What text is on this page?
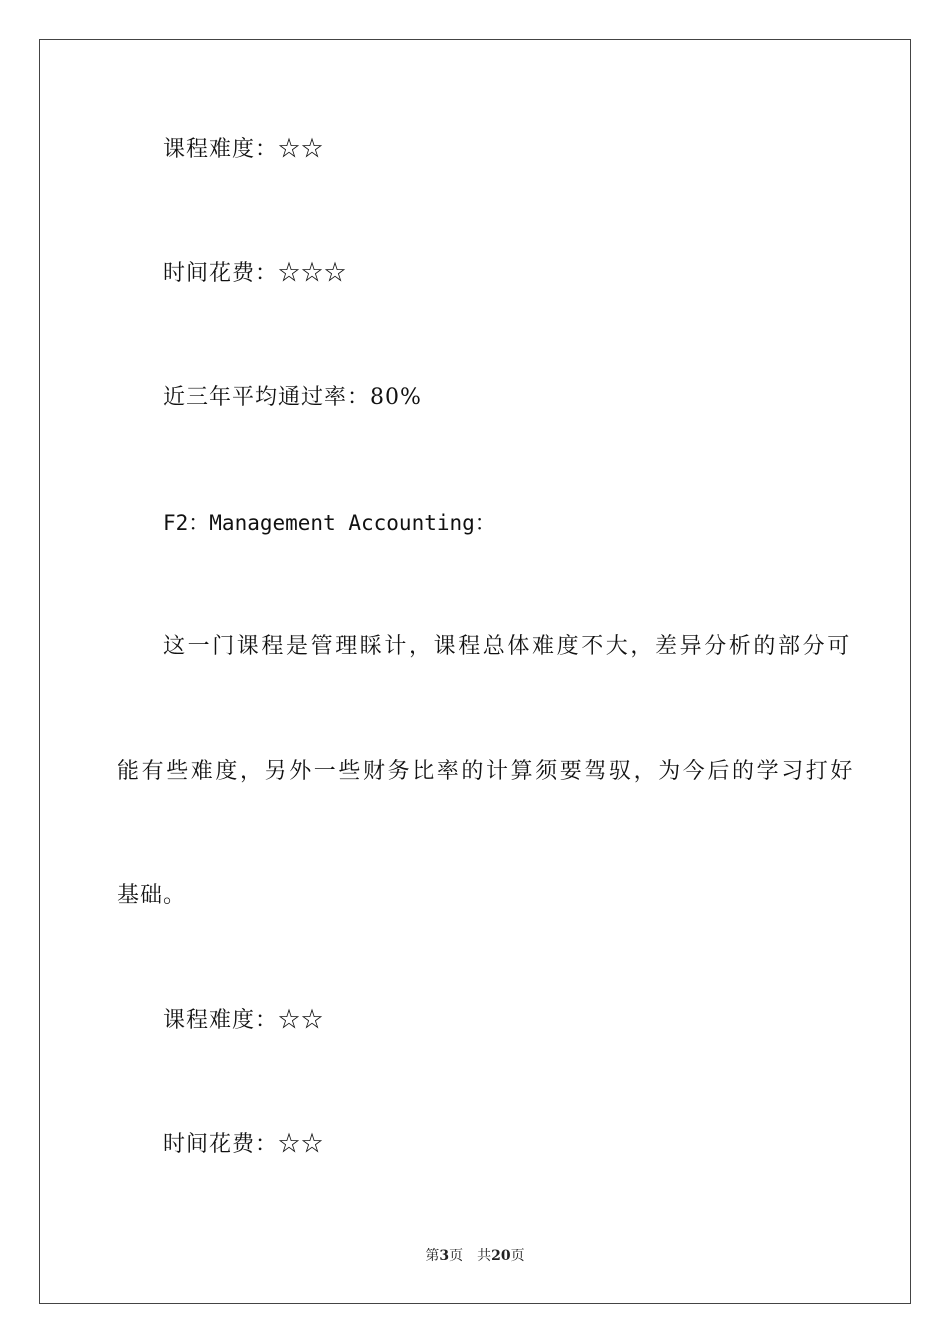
课程难度：☆☆
时间花费：☆☆☆
近三年平均通过率：80%
F2：Management Accounting：
这一门课程是管理睬计，课程总体难度不大，差异分析的部分可
能有些难度，另外一些财务比率的计算须要驾驭，为今后的学习打好
基础。
课程难度：☆☆
时间花费：☆☆
第3页 共20页
